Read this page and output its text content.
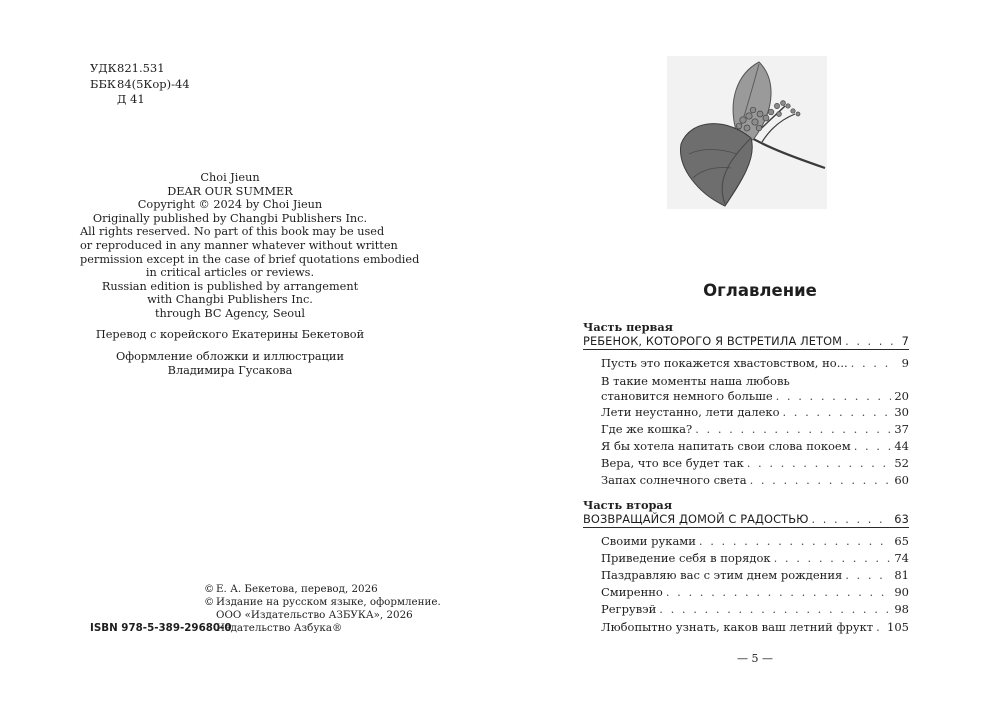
УДК 821.531
ББК 84(5Кор)-44
Д 41
Choi Jieun
DEAR OUR SUMMER
Copyright © 2024 by Choi Jieun
Originally published by Changbi Publishers Inc.
All rights reserved. No part of this book may be used
or reproduced in any manner whatever without written
permission except in the case of brief quotations embodied
in critical articles or reviews.
Russian edition is published by arrangement
with Changbi Publishers Inc.
through BC Agency, Seoul
Перевод с корейского Екатерины Бекетовой
Оформление обложки и иллюстрации
Владимира Гусакова
© Е. А. Бекетова, перевод, 2026
© Издание на русском языке, оформление.
ООО «Издательство АЗБУКА», 2026
Издательство Азбука®
ISBN 978-5-389-29680-0
Оглавление
Часть первая
РЕБЕНОК, КОТОРОГО Я ВСТРЕТИЛА ЛЕТОМ . . .	7
Пусть это покажется хвастовством, но... . . .	9
В такие моменты наша любовь
становится немного больше . . .	20
Лети неустанно, лети далеко . . .	30
Где же кошка? . . .	37
Я бы хотела напитать свои слова покоем . . .	44
Вера, что все будет так . . .	52
Запах солнечного света . . .	60
Часть вторая
ВОЗВРАЩАЙСЯ ДОМОЙ С РАДОСТЬЮ . . .	63
Своими руками . . .	65
Приведение себя в порядок . . .	74
Паздравляю вас с этим днем рождения . . .	81
Смиренно . . .	90
Регрувэй . . .	98
Любопытно узнать, каков ваш летний фрукт . . . 105
— 5 —
